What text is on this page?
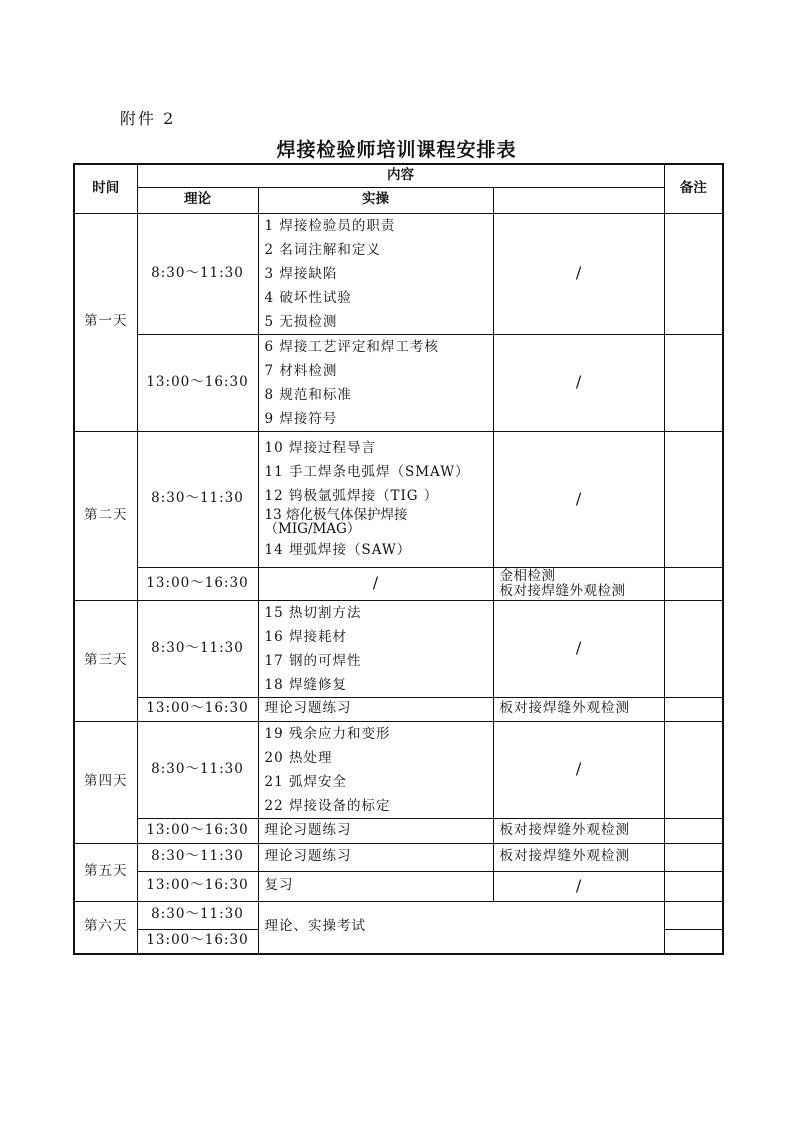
附件 2
焊接检验师培训课程安排表
时间	内容			备注
	理论	实操		
第一天	8:30～11:30	1 焊接检验员的职责
2 名词注解和定义
3 焊接缺陷
4 破坏性试验
5 无损检测	/	
	13:00～16:30	6 焊接工艺评定和焊工考核
7 材料检测
8 规范和标准
9 焊接符号	/	
第二天	8:30～11:30	10 焊接过程导言
11 手工焊条电弧焊（SMAW）
12 钨极氩弧焊接（TIG ）
13 熔化极气体保护焊接（MIG/MAG）
14 埋弧焊接（SAW）	/	
	13:00～16:30	/	金相检测
板对接焊缝外观检测	

第三天	8:30～11:30	15 热切割方法
16 焊接耗材
17 钢的可焊性
18 焊缝修复	/	
	13:00～16:30	理论习题练习	板对接焊缝外观检测	
第四天	8:30～11:30	19 残余应力和变形
20 热处理
21 弧焊安全
22 焊接设备的标定	/	
	13:00～16:30	理论习题练习	板对接焊缝外观检测	
第五天	8:30～11:30	理论习题练习	板对接焊缝外观检测	
	13:00～16:30	复习	/	
第六天	8:30～11:30	理论、实操考试		
	13:00～16:30			
